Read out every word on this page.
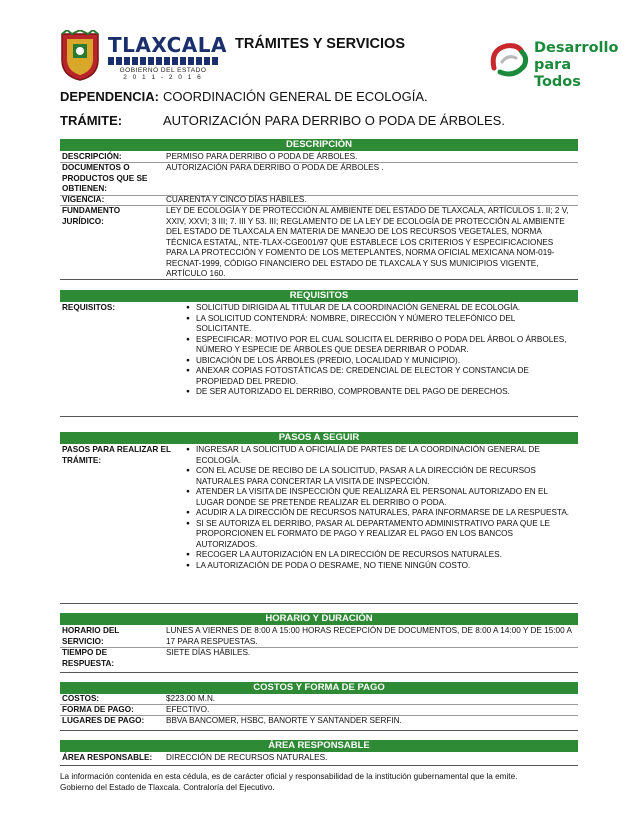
TLAXCALA
GOBIERNO DEL ESTADO
2 0 1 1 - 2 0 1 6
TRÁMITES Y SERVICIOS	Desarrollo
para Todos
DEPENDENCIA: COORDINACIÓN GENERAL DE ECOLOGÍA.
TRÁMITE:	AUTORIZACIÓN PARA DERRIBO O PODA DE ÁRBOLES.
DESCRIPCIÓN
DESCRIPCIÓN:	PERMISO PARA DERRIBO O PODA DE ÁRBOLES.
DOCUMENTOS O PRODUCTOS QUE SE OBTIENEN:
AUTORIZACIÓN PARA DERRIBO O PODA DE ÁRBOLES .
VIGENCIA:	CUARENTA Y CINCO DÍAS HÁBILES.
FUNDAMENTO JURÍDICO:
LEY DE ECOLOGÍA Y DE PROTECCIÓN AL AMBIENTE DEL ESTADO DE TLAXCALA, ARTÍCULOS 1. II; 2 V, XXIV, XXVI; 3 III; 7. III Y 53. III; REGLAMENTO DE LA LEY DE ECOLOGÍA DE PROTECCIÓN AL AMBIENTE DEL ESTADO DE TLAXCALA EN MATERIA DE MANEJO DE LOS RECURSOS VEGETALES, NORMA TÉCNICA ESTATAL, NTE-TLAX-CGE001/97 QUE ESTABLECE LOS CRITERIOS Y ESPECIFICACIONES PARA LA PROTECCIÓN Y FOMENTO DE LOS METEPLANTES, NORMA OFICIAL MEXICANA NOM-019- RECNAT-1999, CÓDIGO FINANCIERO DEL ESTADO DE TLAXCALA Y SUS MUNICIPIOS VIGENTE, ARTÍCULO 160.
REQUISITOS
REQUISITOS:
●	SOLICITUD DIRIGIDA AL TITULAR DE LA COORDINACIÓN GENERAL DE ECOLOGÍA.
● LA SOLICITUD CONTENDRÁ: NOMBRE, DIRECCIÓN Y NÚMERO TELEFÓNICO DEL SOLICITANTE.
● ESPECIFICAR: MOTIVO POR EL CUAL SOLICITA EL DERRIBO O PODA DEL ÁRBOL O ÁRBOLES, NÚMERO Y ESPECIE DE ÁRBOLES QUE DESEA DERRIBAR O PODAR.
● UBICACIÓN DE LOS ÁRBOLES (PREDIO, LOCALIDAD Y MUNICIPIO).
● ANEXAR COPIAS FOTOSTÁTICAS DE: CREDENCIAL DE ELECTOR Y CONSTANCIA DE PROPIEDAD DEL PREDIO.
● DE SER AUTORIZADO EL DERRIBO, COMPROBANTE DEL PAGO DE DERECHOS.
PASOS A SEGUIR
PASOS PARA REALIZAR EL TRÁMITE:
● INGRESAR LA SOLICITUD A OFICIALÍA DE PARTES DE LA COORDINACIÓN GENERAL DE ECOLOGÍA.
● CON EL ACUSE DE RECIBO DE LA SOLICITUD, PASAR A LA DIRECCIÓN DE RECURSOS NATURALES PARA CONCERTAR LA VISITA DE INSPECCIÓN.
● ATENDER LA VISITA DE INSPECCIÓN QUE REALIZARÁ EL PERSONAL AUTORIZADO EN EL LUGAR DONDE SE PRETENDE REALIZAR EL DERRIBO O PODA.
● ACUDIR A LA DIRECCIÓN DE RECURSOS NATURALES, PARA INFORMARSE DE LA RESPUESTA.
● SI SE AUTORIZA EL DERRIBO, PASAR AL DEPARTAMENTO ADMINISTRATIVO PARA QUE LE PROPORCIONEN EL FORMATO DE PAGO Y REALIZAR EL PAGO EN LOS BANCOS AUTORIZADOS.
● RECOGER LA AUTORIZACIÓN EN LA DIRECCIÓN DE RECURSOS NATURALES.
● LA AUTORIZACIÓN DE PODA O DESRAME, NO TIENE NINGÚN COSTO.
HORARIO Y DURACIÓN
HORARIO DEL SERVICIO:
LUNES A VIERNES DE 8:00 A 15:00 HORAS RECEPCIÓN DE DOCUMENTOS, DE 8:00 A 14:00 Y DE 15:00 A 17 PARA RESPUESTAS.
TIEMPO DE RESPUESTA:
SIETE DÍAS HÁBILES.
COSTOS Y FORMA DE PAGO
COSTOS:	$223.00 M.N.
FORMA DE PAGO:	EFECTIVO.
LUGARES DE PAGO:	BBVA BANCOMER, HSBC, BANORTE Y SANTANDER SERFIN.
ÁREA RESPONSABLE
ÁREA RESPONSABLE:	DIRECCIÓN DE RECURSOS NATURALES.
La información contenida en esta cédula, es de carácter oficial y responsabilidad de la institución gubernamental que la emite.
Gobierno del Estado de Tlaxcala. Contraloría del Ejecutivo.
